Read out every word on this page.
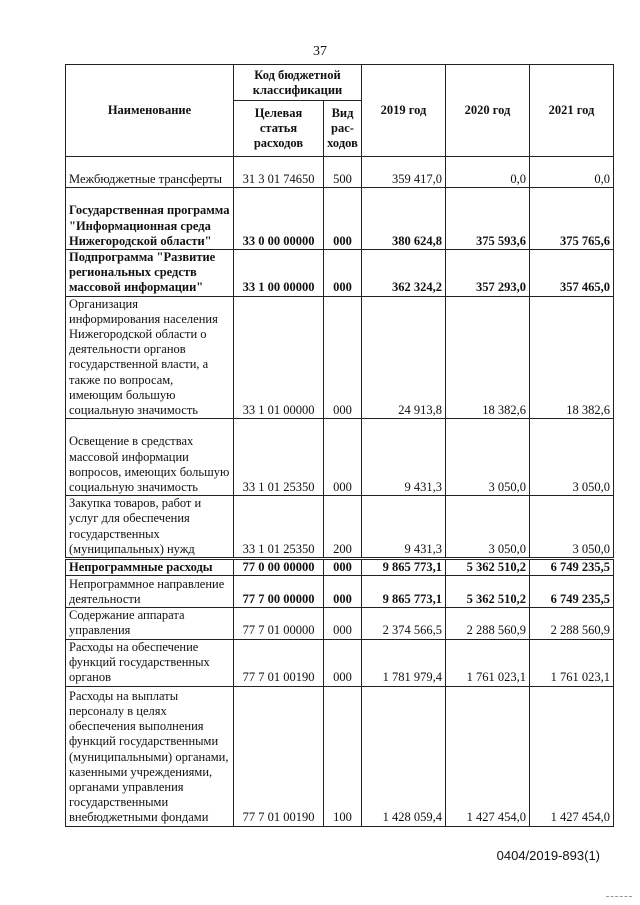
37
Наименование	Код бюджетной классификации		2019 год	2020 год	2021 год
	Целевая статья расходов	Вид рас-ходов			
Межбюджетные трансферты	31 3 01 74650	500	359 417,0	0,0	0,0
Государственная программа "Информационная среда Нижегородской области"	33 0 00 00000	000	380 624,8	375 593,6	375 765,6
Подпрограмма "Развитие региональных средств массовой информации"	33 1 00 00000	000	362 324,2	357 293,0	357 465,0
Организация информирования населения Нижегородской области о деятельности органов государственной власти, а также по вопросам, имеющим большую социальную значимость	33 1 01 00000	000	24 913,8	18 382,6	18 382,6
Освещение в средствах массовой информации вопросов, имеющих большую социальную значимость	33 1 01 25350	000	9 431,3	3 050,0	3 050,0
Закупка товаров, работ и услуг для обеспечения государственных (муниципальных) нужд	33 1 01 25350	200	9 431,3	3 050,0	3 050,0
Непрограммные расходы	77 0 00 00000	000	9 865 773,1	5 362 510,2	6 749 235,5
Непрограммное направление деятельности	77 7 00 00000	000	9 865 773,1	5 362 510,2	6 749 235,5
Содержание аппарата управления	77 7 01 00000	000	2 374 566,5	2 288 560,9	2 288 560,9
Расходы на обеспечение функций государственных органов	77 7 01 00190	000	1 781 979,4	1 761 023,1	1 761 023,1
Расходы на выплаты персоналу в целях обеспечения выполнения функций государственными (муниципальными) органами, казенными учреждениями, органами управления государственными внебюджетными фондами	77 7 01 00190	100	1 428 059,4	1 427 454,0	1 427 454,0
0404/2019-893(1)
